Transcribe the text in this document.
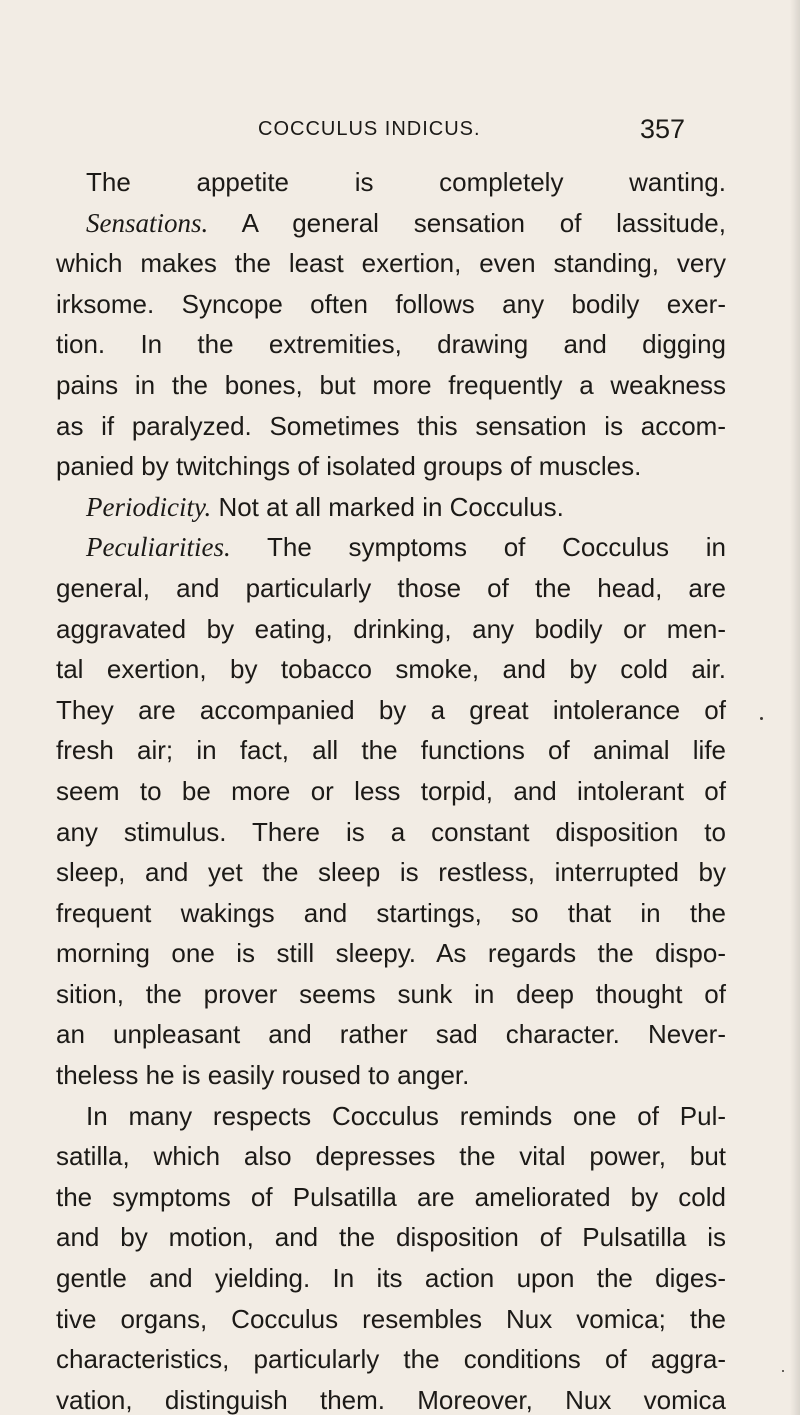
COCCULUS INDICUS.	357
The appetite is completely wanting.
Sensations. A general sensation of lassitude,
which makes the least exertion, even standing, very
irksome. Syncope often follows any bodily exer-
tion. In the extremities, drawing and digging
pains in the bones, but more frequently a weakness
as if paralyzed. Sometimes this sensation is accom-
panied by twitchings of isolated groups of muscles.
Periodicity. Not at all marked in Cocculus.
Peculiarities. The symptoms of Cocculus in
general, and particularly those of the head, are
aggravated by eating, drinking, any bodily or men-
tal exertion, by tobacco smoke, and by cold air.
They are accompanied by a great intolerance of
fresh air; in fact, all the functions of animal life
seem to be more or less torpid, and intolerant of
any stimulus. There is a constant disposition to
sleep, and yet the sleep is restless, interrupted by
frequent wakings and startings, so that in the
morning one is still sleepy. As regards the dispo-
sition, the prover seems sunk in deep thought of
an unpleasant and rather sad character. Never-
theless he is easily roused to anger.
In many respects Cocculus reminds one of Pul-
satilla, which also depresses the vital power, but
the symptoms of Pulsatilla are ameliorated by cold
and by motion, and the disposition of Pulsatilla is
gentle and yielding. In its action upon the diges-
tive organs, Cocculus resembles Nux vomica; the
characteristics, particularly the conditions of aggra-
vation, distinguish them. Moreover, Nux vomica
